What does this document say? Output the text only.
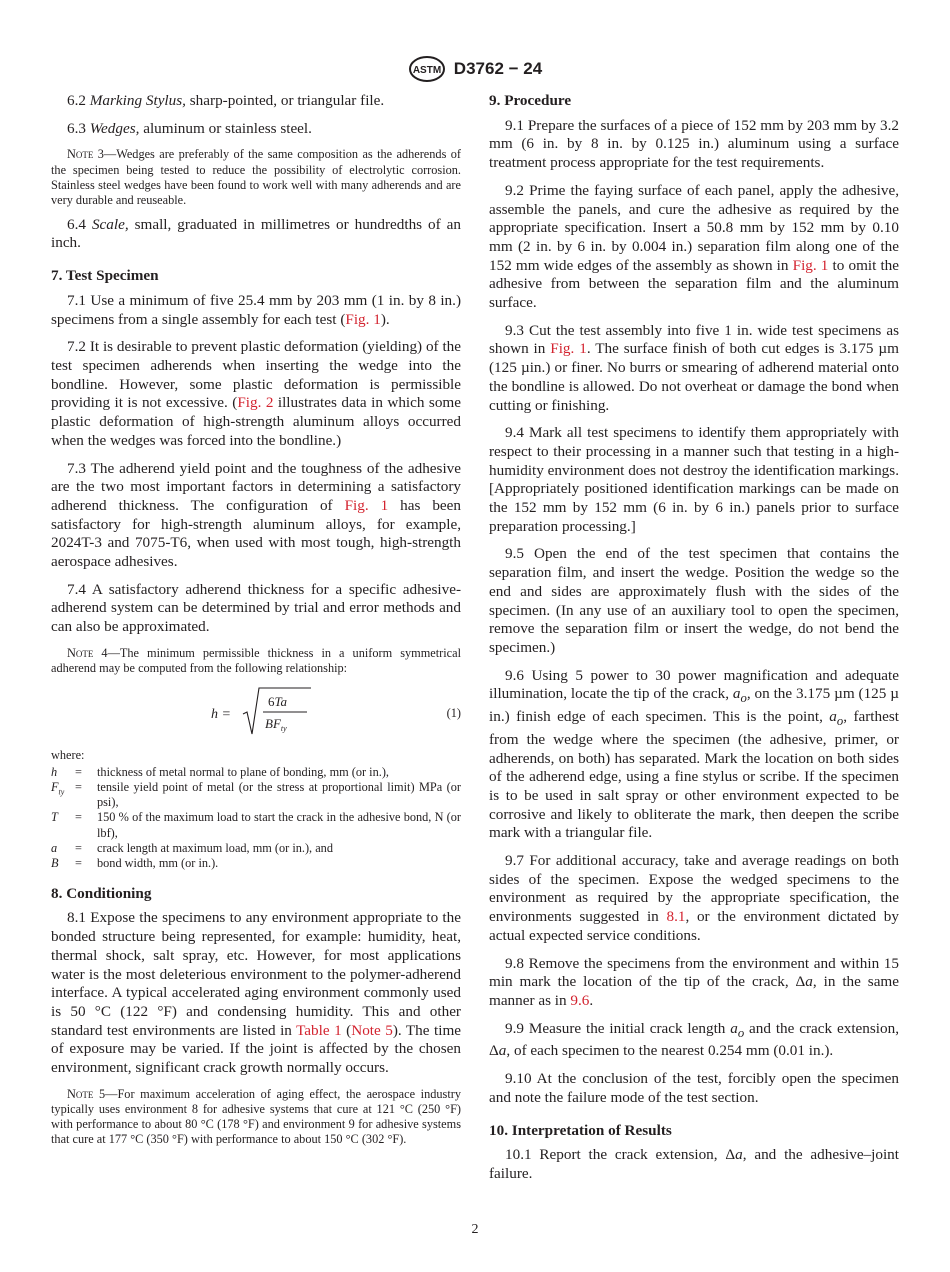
ASTM D3762 − 24

6.2 Marking Stylus, sharp-pointed, or triangular file.

6.3 Wedges, aluminum or stainless steel.

Note 3—Wedges are preferably of the same composition as the adherends of the specimen being tested to reduce the possibility of electrolytic corrosion. Stainless steel wedges have been found to work well with many adherends and are very durable and reuseable.

6.4 Scale, small, graduated in millimetres or hundredths of an inch.

7. Test Specimen

7.1 Use a minimum of five 25.4 mm by 203 mm (1 in. by 8 in.) specimens from a single assembly for each test (Fig. 1).

7.2 It is desirable to prevent plastic deformation (yielding) of the test specimen adherends when inserting the wedge into the bondline. However, some plastic deformation is permissible providing it is not excessive. (Fig. 2 illustrates data in which some plastic deformation of high-strength aluminum alloys occurred when the wedges was forced into the bondline.)

7.3 The adherend yield point and the toughness of the adhesive are the two most important factors in determining a satisfactory adherend thickness. The configuration of Fig. 1 has been satisfactory for high-strength aluminum alloys, for example, 2024T-3 and 7075-T6, when used with most tough, high-strength aerospace adhesives.

7.4 A satisfactory adherend thickness for a specific adhesive-adherend system can be determined by trial and error methods and can also be approximated.

Note 4—The minimum permissible thickness in a uniform symmetrical adherend may be computed from the following relationship:
h =
6Ta
$BF_{ty}$
(1)
where:
h	=	thickness of metal normal to plane of bonding, mm (or in.),
$F_{ty}$	=	tensile yield point of metal (or the stress at proportional limit) MPa (or psi),
T	=	150 % of the maximum load to start the crack in the adhesive bond, N (or lbf),
a	=	crack length at maximum load, mm (or in.), and
B	=	bond width, mm (or in.).
8. Conditioning

8.1 Expose the specimens to any environment appropriate to the bonded structure being represented, for example: humidity, heat, thermal shock, salt spray, etc. However, for most applications water is the most deleterious environment to the polymer-adherend interface. A typical accelerated aging environment commonly used is 50 °C (122 °F) and condensing humidity. This and other standard test environments are listed in Table 1 (Note 5). The time of exposure may be varied. If the joint is affected by the chosen environment, significant crack growth normally occurs.

Note 5—For maximum acceleration of aging effect, the aerospace industry typically uses environment 8 for adhesive systems that cure at 121 °C (250 °F) with performance to about 80 °C (178 °F) and environment 9 for adhesive systems that cure at 177 °C (350 °F) with performance to about 150 °C (302 °F).
9. Procedure

9.1 Prepare the surfaces of a piece of 152 mm by 203 mm by 3.2 mm (6 in. by 8 in. by 0.125 in.) aluminum using a surface treatment process appropriate for the test requirements.

9.2 Prime the faying surface of each panel, apply the adhesive, assemble the panels, and cure the adhesive as required by the appropriate specification. Insert a 50.8 mm by 152 mm by 0.10 mm (2 in. by 6 in. by 0.004 in.) separation film along one of the 152 mm wide edges of the assembly as shown in Fig. 1 to omit the adhesive from between the separation film and the aluminum surface.

9.3 Cut the test assembly into five 1 in. wide test specimens as shown in Fig. 1. The surface finish of both cut edges is 3.175 µm (125 µin.) or finer. No burrs or smearing of adherend material onto the bondline is allowed. Do not overheat or damage the bond when cutting or finishing.

9.4 Mark all test specimens to identify them appropriately with respect to their processing in a manner such that testing in a high-humidity environment does not destroy the identification markings. [Appropriately positioned identification markings can be made on the 152 mm by 152 mm (6 in. by 6 in.) panels prior to surface preparation processing.]

9.5 Open the end of the test specimen that contains the separation film, and insert the wedge. Position the wedge so the end and sides are approximately flush with the sides of the specimen. (In any use of an auxiliary tool to open the specimen, remove the separation film or insert the wedge, do not bend the specimen.)

9.6 Using 5 power to 30 power magnification and adequate illumination, locate the tip of the crack, $a_o$, on the 3.175 µm (125 µ in.) finish edge of each specimen. This is the point, $a_o$, farthest from the wedge where the specimen (the adhesive, primer, or adherends, on both) has separated. Mark the location on both sides of the adherend edge, using a fine stylus or scribe. If the specimen is to be used in salt spray or other environment expected to be corrosive and likely to obliterate the mark, then deepen the scribe mark with a triangular file.

9.7 For additional accuracy, take and average readings on both sides of the specimen. Expose the wedged specimens to the environment as required by the appropriate specification, the environments suggested in 8.1, or the environment dictated by actual expected service conditions.

9.8 Remove the specimens from the environment and within 15 min mark the location of the tip of the crack, Δa, in the same manner as in 9.6.

9.9 Measure the initial crack length $a_o$ and the crack extension, Δa, of each specimen to the nearest 0.254 mm (0.01 in.).

9.10 At the conclusion of the test, forcibly open the specimen and note the failure mode of the test section.

10. Interpretation of Results

10.1 Report the crack extension, Δa, and the adhesive–joint failure.

2
